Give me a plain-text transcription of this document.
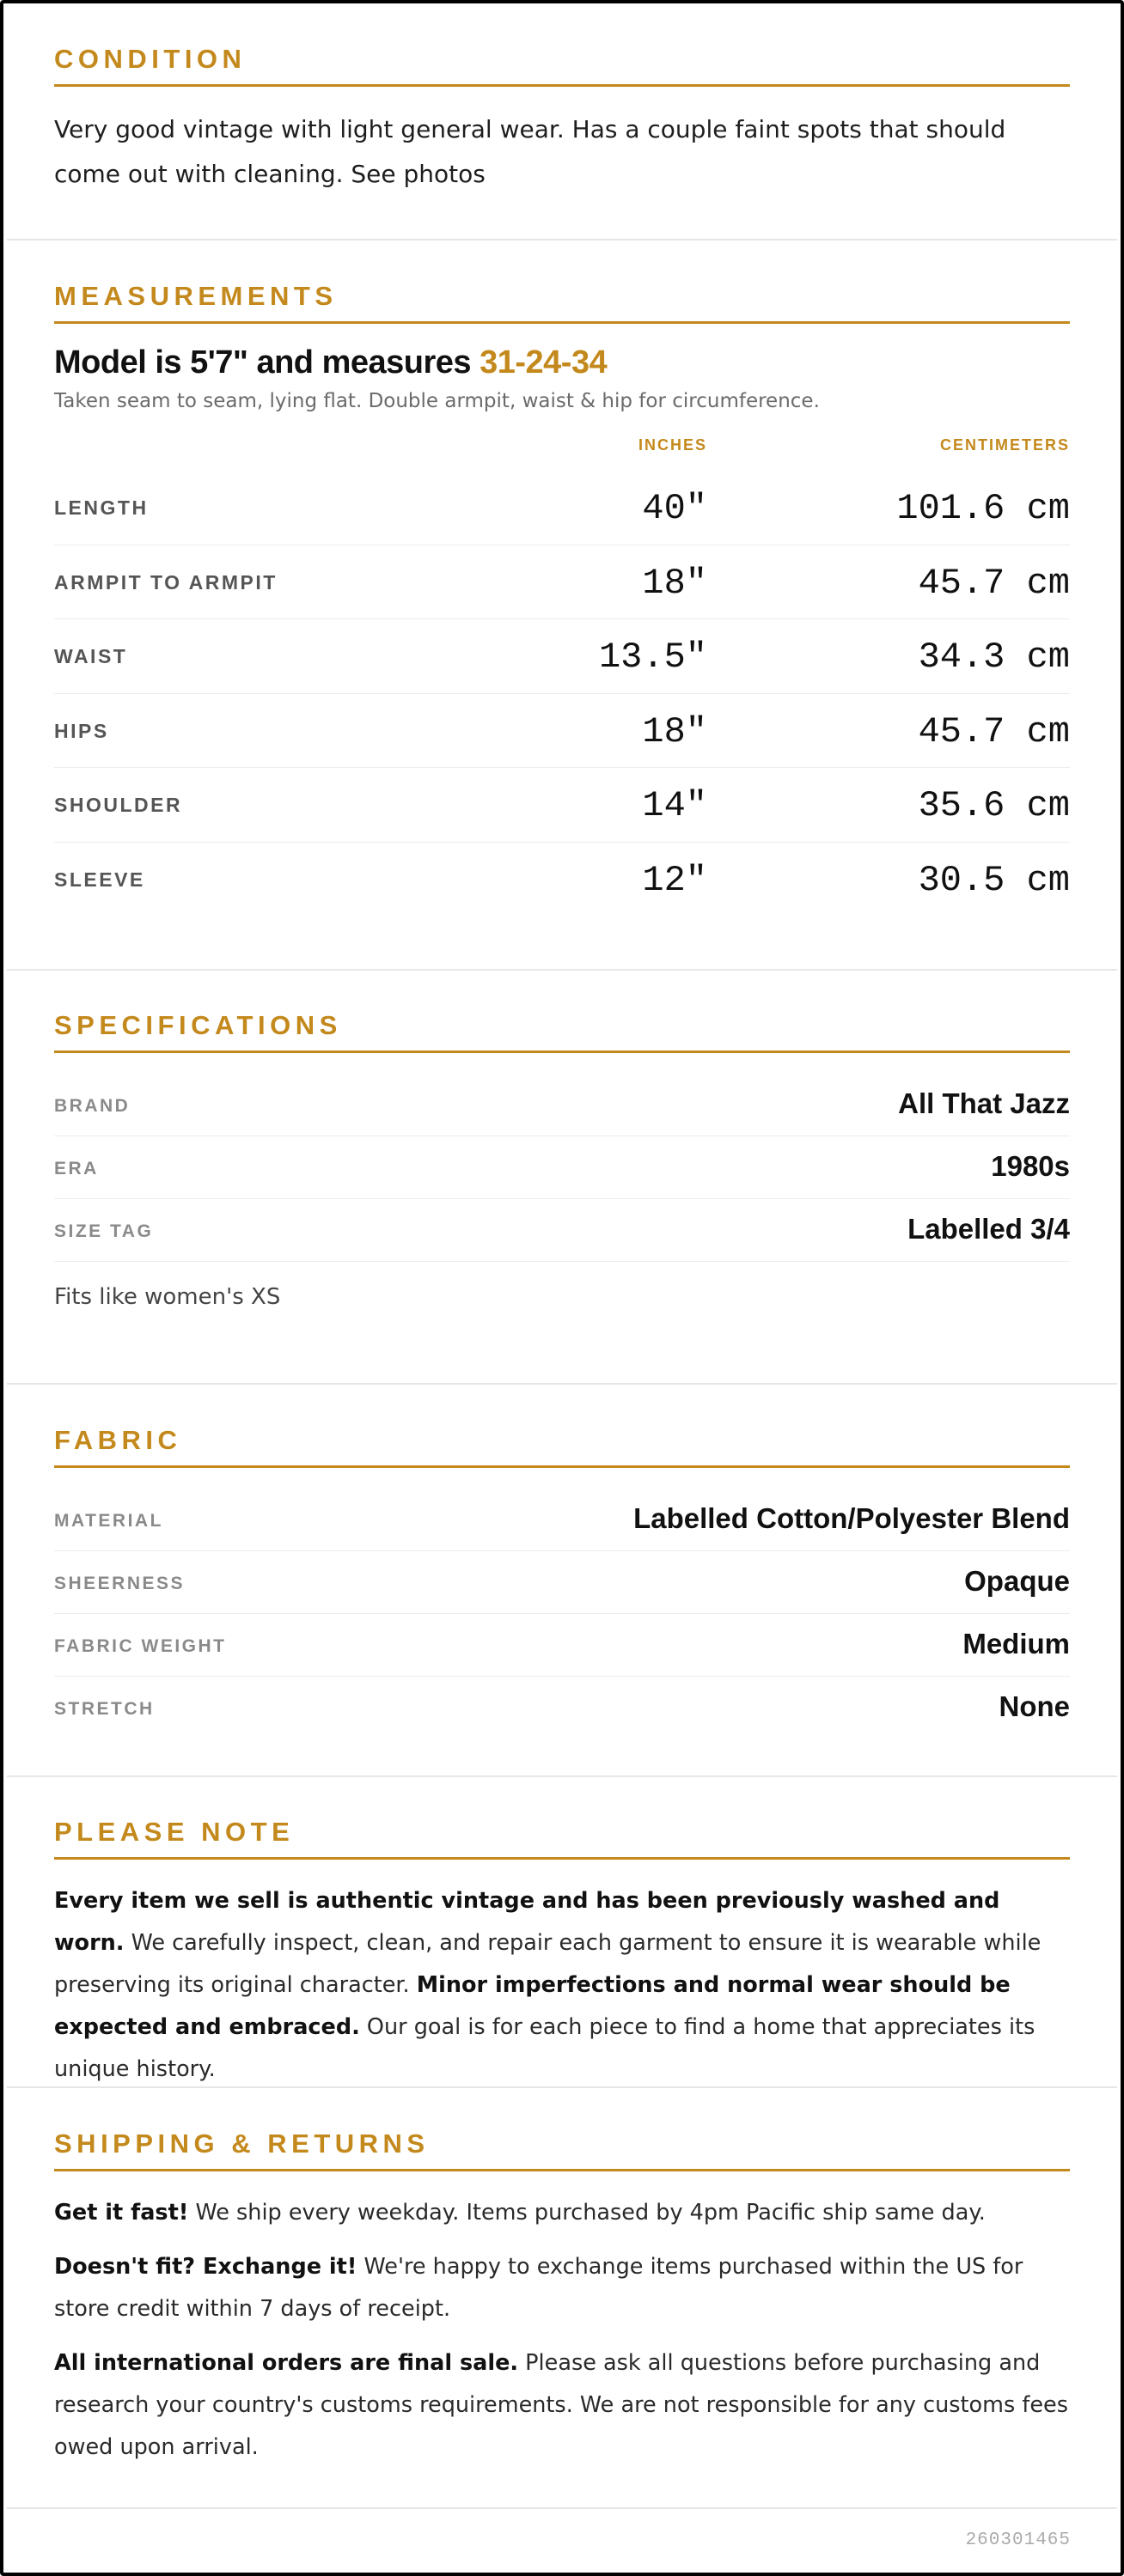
CONDITION
Very good vintage with light general wear. Has a couple faint spots that should come out with cleaning. See photos
MEASUREMENTS
Model is 5'7" and measures 31-24-34
Taken seam to seam, lying flat. Double armpit, waist & hip for circumference.
INCHES	CENTIMETERS
LENGTH	40"	101.6 cm
ARMPIT TO ARMPIT	18"	45.7 cm
WAIST	13.5"	34.3 cm
HIPS	18"	45.7 cm
SHOULDER	14"	35.6 cm
SLEEVE	12"	30.5 cm
SPECIFICATIONS
BRAND	All That Jazz
ERA	1980s
SIZE TAG	Labelled 3/4
Fits like women's XS
FABRIC
MATERIAL	Labelled Cotton/Polyester Blend
SHEERNESS	Opaque
FABRIC WEIGHT	Medium
STRETCH	None
PLEASE NOTE
Every item we sell is authentic vintage and has been previously washed and worn. We carefully inspect, clean, and repair each garment to ensure it is wearable while preserving its original character. Minor imperfections and normal wear should be expected and embraced. Our goal is for each piece to find a home that appreciates its unique history.
SHIPPING & RETURNS
Get it fast! We ship every weekday. Items purchased by 4pm Pacific ship same day.
Doesn't fit? Exchange it! We're happy to exchange items purchased within the US for store credit within 7 days of receipt.
All international orders are final sale. Please ask all questions before purchasing and research your country's customs requirements. We are not responsible for any customs fees owed upon arrival.
260301465
